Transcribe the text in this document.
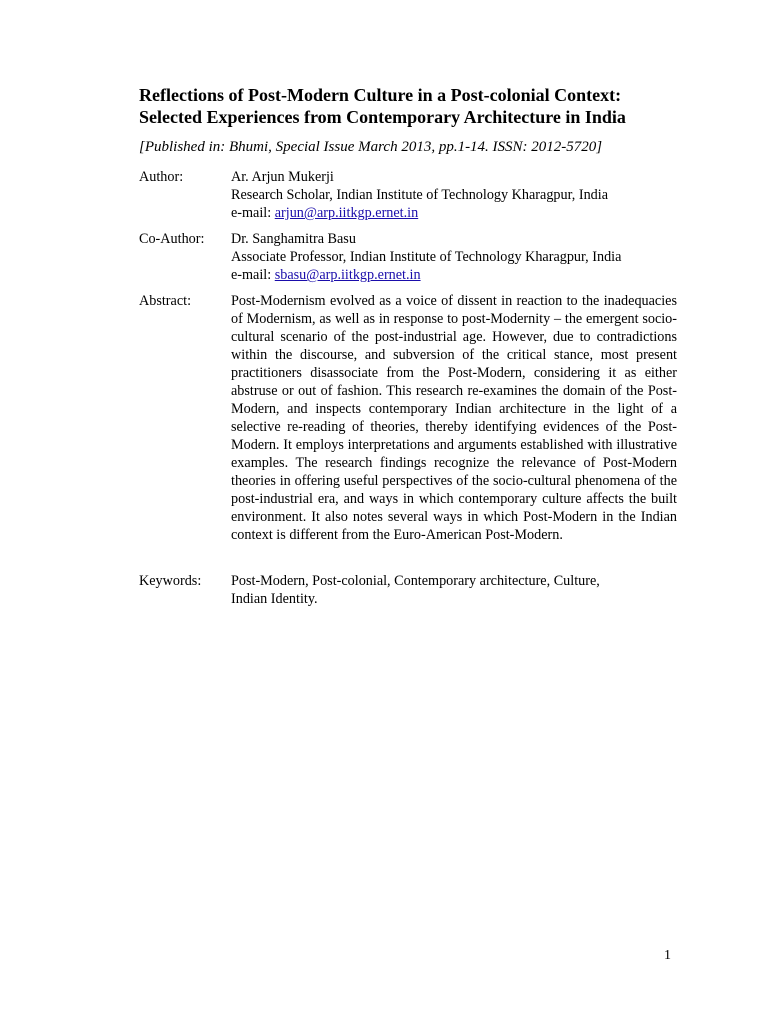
Reflections of Post-Modern Culture in a Post-colonial Context:
Selected Experiences from Contemporary Architecture in India

[Published in: Bhumi, Special Issue March 2013, pp.1-14. ISSN: 2012-5720]

Author:	Ar. Arjun Mukerji
Research Scholar, Indian Institute of Technology Kharagpur, India
e-mail: arjun@arp.iitkgp.ernet.in
Co-Author:	Dr. Sanghamitra Basu
Associate Professor, Indian Institute of Technology Kharagpur, India
e-mail: sbasu@arp.iitkgp.ernet.in
Abstract:	Post-Modernism evolved as a voice of dissent in reaction to the inadequacies of Modernism, as well as in response to post-Modernity – the emergent socio-cultural scenario of the post-industrial age. However, due to contradictions within the discourse, and subversion of the critical stance, most present practitioners disassociate from the Post-Modern, considering it as either abstruse or out of fashion. This research re-examines the domain of the Post-Modern, and inspects contemporary Indian architecture in the light of a selective re-reading of theories, thereby identifying evidences of the Post-Modern. It employs interpretations and arguments established with illustrative examples. The research findings recognize the relevance of Post-Modern theories in offering useful perspectives of the socio-cultural phenomena of the post-industrial era, and ways in which contemporary culture affects the built environment. It also notes several ways in which Post-Modern in the Indian context is different from the Euro-American Post-Modern.
Keywords:	Post-Modern, Post-colonial, Contemporary architecture, Culture,
Indian Identity.
1
